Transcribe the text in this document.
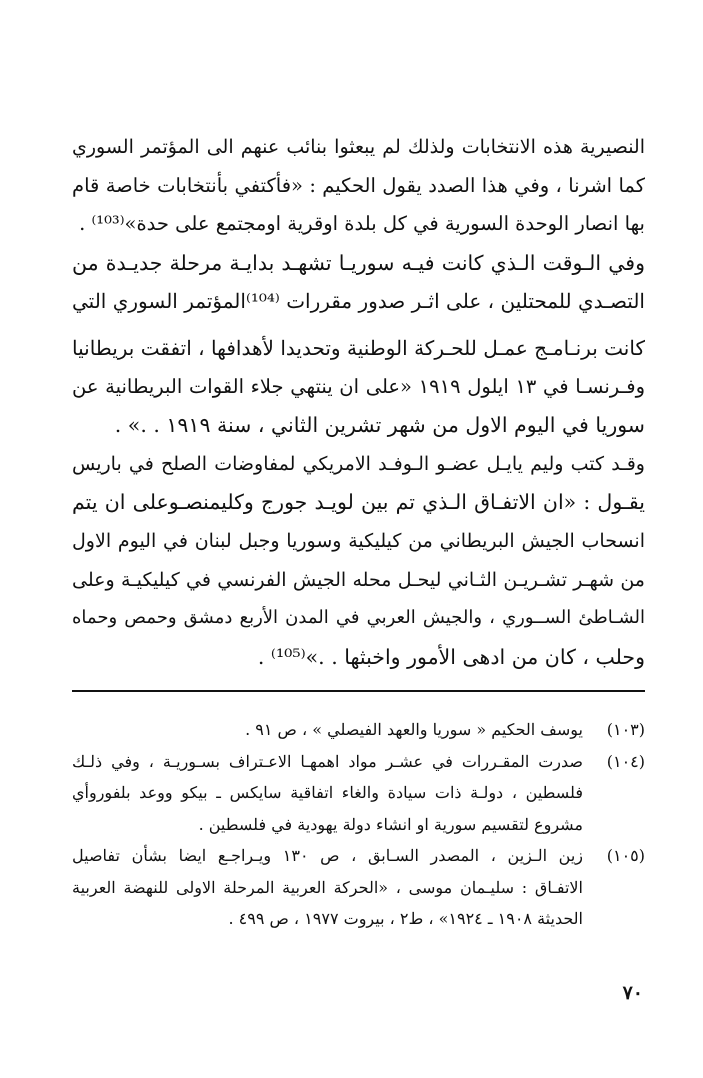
النصيرية هذه الانتخابات ولذلك لم يبعثوا بنائب عنهم الى المؤتمر السوري
كما اشرنا ، وفي هذا الصدد يقول الحكيم : «فأكتفي بأنتخابات خاصة قام
بها انصار الوحدة السورية في كل بلدة اوقرية اومجتمع على حدة»⁽¹⁰³⁾ .
وفي الـوقت الـذي كانت فيـه سوريـا تشهـد بدايـة مرحلة جديـدة من
التصـدي للمحتلين ، على اثـر صدور مقررات ⁽¹⁰⁴⁾المؤتمر السوري التي
كانت برنـامـج عمـل للحـركة الوطنية وتحديدا لأهدافها ، اتفقت بريطانيا
وفـرنسـا في ١٣ ايلول ١٩١٩ «على ان ينتهي جلاء القوات البريطانية عن
سوريا في اليوم الاول من شهر تشرين الثاني ، سنة ١٩١٩ . .» .
وقـد كتب وليم يايـل عضـو الـوفـد الامريكي لمفاوضات الصلح في باريس
يقـول : «ان الاتفـاق الـذي تم بين لويـد جورج وكليمنصـوعلى ان يتم
انسحاب الجيش البريطاني من كيليكية وسوريا وجبل لبنان في اليوم الاول
من شهـر تشـريـن الثـاني ليحـل محله الجيش الفرنسي في كيليكيـة وعلى
الشـاطئ الســوري ، والجيش العربي في المدن الأربع دمشق وحمص وحماه
وحلب ، كان من ادهى الأمور واخبثها . .»⁽¹⁰⁵⁾ .
(١٠٣)
يوسف الحكيم « سوريا والعهد الفيصلي » ، ص ٩١ .
(١٠٤)
صدرت المقـررات في عشـر مواد اهمهـا الاعـتراف بسـوريـة ، وفي ذلـك
فلسطين ، دولـة ذات سيادة والغاء اتفاقية سايكس ـ بيكو ووعد بلفوروأي
مشروع لتقسيم سورية او انشاء دولة يهودية في فلسطين .
(١٠٥)
زين الـزين ، المصدر السـابق ، ص ١٣٠ ويـراجـع ايضا بشأن تفاصيل
الاتفـاق : سليـمان موسى ، «الحركة العربية المرحلة الاولى للنهضة العربية
الحديثة ١٩٠٨ ـ ١٩٢٤» ، ط٢ ، بيروت ١٩٧٧ ، ص ٤٩٩ .
٧٠
